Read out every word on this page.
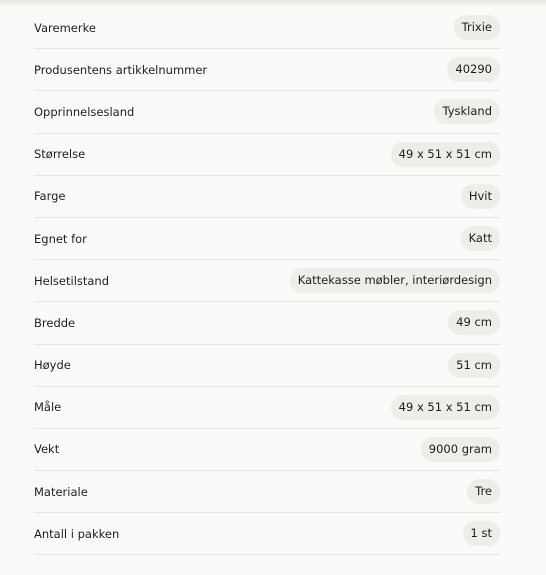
Varemerke	Trixie
Produsentens artikkelnummer	40290
Opprinnelsesland	Tyskland
Størrelse	49 x 51 x 51 cm
Farge	Hvit
Egnet for	Katt
Helsetilstand	Kattekasse møbler, interiørdesign
Bredde	49 cm
Høyde	51 cm
Måle	49 x 51 x 51 cm
Vekt	9000 gram
Materiale	Tre
Antall i pakken	1 st
